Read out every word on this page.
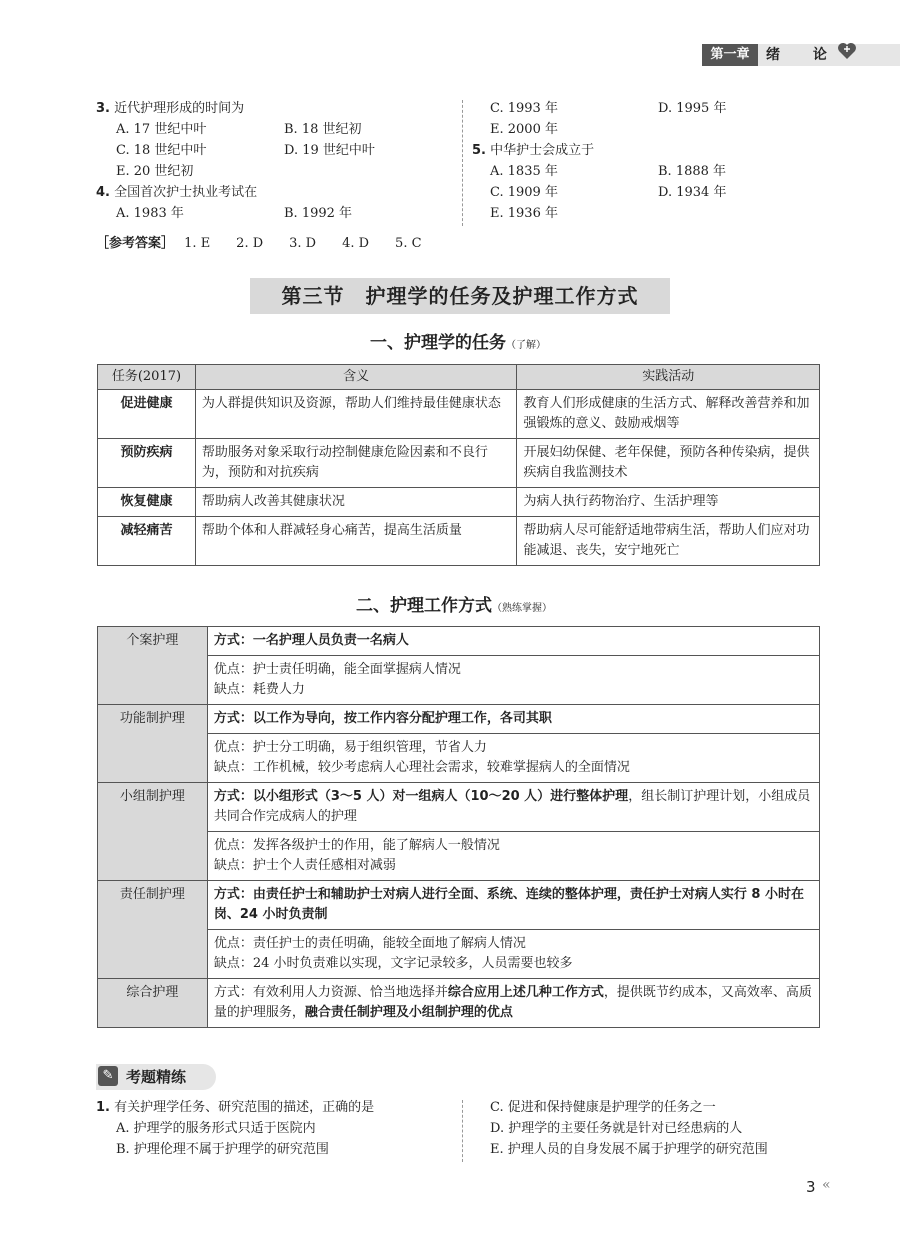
第一章	绪 论
3. 近代护理形成的时间为
A. 17 世纪中叶	B. 18 世纪初
C. 18 世纪中叶	D. 19 世纪中叶
E. 20 世纪初
4. 全国首次护士执业考试在
A. 1983 年	B. 1992 年
C. 1993 年	D. 1995 年
E. 2000 年
5. 中华护士会成立于
A. 1835 年	B. 1888 年
C. 1909 年	D. 1934 年
E. 1936 年
［参考答案］ 1. E　　2. D　　3. D　　4. D　　5. C
第三节　护理学的任务及护理工作方式
一、护理学的任务（了解）
任务(2017)	含义	实践活动
促进健康	为人群提供知识及资源，帮助人们维持最佳健康状态	教育人们形成健康的生活方式、解释改善营养和加强锻炼的意义、鼓励戒烟等
预防疾病	帮助服务对象采取行动控制健康危险因素和不良行为，预防和对抗疾病	开展妇幼保健、老年保健，预防各种传染病，提供疾病自我监测技术
恢复健康	帮助病人改善其健康状况	为病人执行药物治疗、生活护理等
减轻痛苦	帮助个体和人群减轻身心痛苦，提高生活质量	帮助病人尽可能舒适地带病生活，帮助人们应对功能减退、丧失，安宁地死亡
二、护理工作方式（熟练掌握）
个案护理	方式：一名护理人员负责一名病人

	优点：护士责任明确，能全面掌握病人情况
缺点：耗费人力

功能制护理	方式：以工作为导向，按工作内容分配护理工作，各司其职

	优点：护士分工明确，易于组织管理，节省人力
缺点：工作机械，较少考虑病人心理社会需求，较难掌握病人的全面情况

小组制护理	方式：以小组形式（3～5 人）对一组病人（10～20 人）进行整体护理，组长制订护理计划，小组成员共同合作完成病人的护理

	优点：发挥各级护士的作用，能了解病人一般情况
缺点：护士个人责任感相对减弱

责任制护理	方式：由责任护士和辅助护士对病人进行全面、系统、连续的整体护理，责任护士对病人实行 8 小时在岗、24 小时负责制

	优点：责任护士的责任明确，能较全面地了解病人情况
缺点：24 小时负责难以实现，文字记录较多，人员需要也较多

综合护理	方式：有效利用人力资源、恰当地选择并综合应用上述几种工作方式，提供既节约成本，又高效率、高质量的护理服务，融合责任制护理及小组制护理的优点
✎ 考题精练
1. 有关护理学任务、研究范围的描述，正确的是
A. 护理学的服务形式只适于医院内
B. 护理伦理不属于护理学的研究范围
C. 促进和保持健康是护理学的任务之一
D. 护理学的主要任务就是针对已经患病的人
E. 护理人员的自身发展不属于护理学的研究范围
3 «
